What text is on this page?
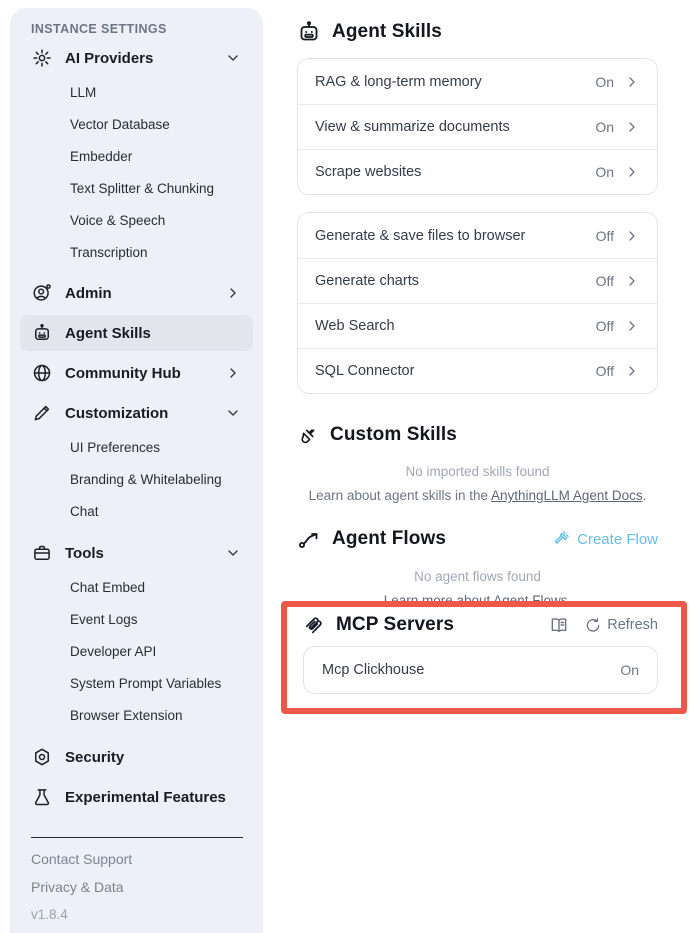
INSTANCE SETTINGS
AI Providers
LLM
Vector Database
Embedder
Text Splitter & Chunking
Voice & Speech
Transcription
Admin
Agent Skills
Community Hub
Customization
UI Preferences
Branding & Whitelabeling
Chat
Tools
Chat Embed
Event Logs
Developer API
System Prompt Variables
Browser Extension
Security
Experimental Features
Contact Support
Privacy & Data
v1.8.4
Agent Skills
RAG & long-term memory	On
View & summarize documents	On
Scrape websites	On
Generate & save files to browser	Off
Generate charts	Off
Web Search	Off
SQL Connector	Off
Custom Skills
No imported skills found
Learn about agent skills in the AnythingLLM Agent Docs.
Agent Flows	Create Flow
No agent flows found
MCP Servers	Refresh
Mcp Clickhouse	On
